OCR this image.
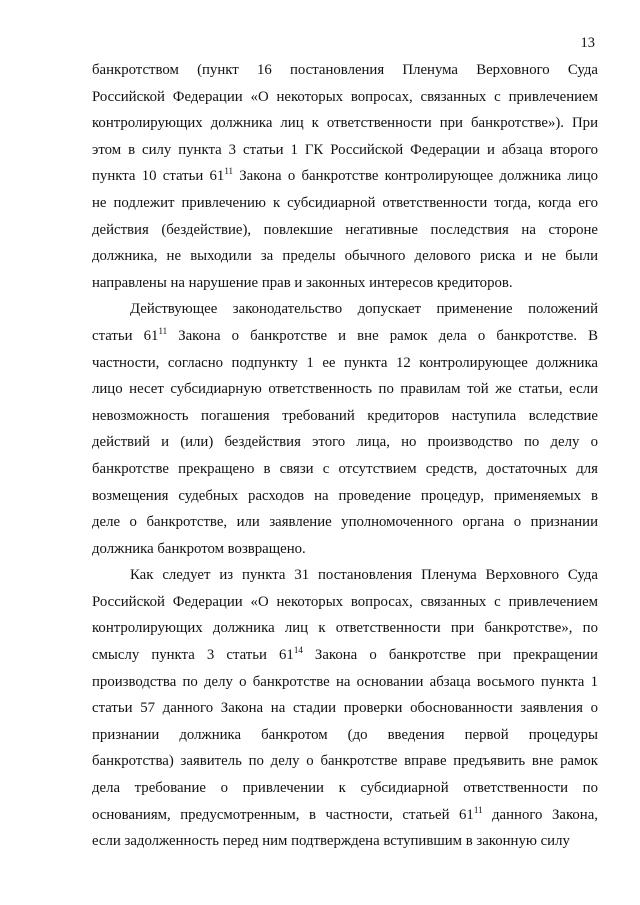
13
банкротством (пункт 16 постановления Пленума Верховного Суда
Российской Федерации «О некоторых вопросах, связанных с привлечением
контролирующих должника лиц к ответственности при банкротстве»). При
этом в силу пункта 3 статьи 1 ГК Российской Федерации и абзаца второго
пункта 10 статьи $61^{11}$ Закона о банкротстве контролирующее должника лицо
не подлежит привлечению к субсидиарной ответственности тогда, когда его
действия (бездействие), повлекшие негативные последствия на стороне
должника, не выходили за пределы обычного делового риска и не были
направлены на нарушение прав и законных интересов кредиторов.
Действующее законодательство допускает применение положений
статьи $61^{11}$ Закона о банкротстве и вне рамок дела о банкротстве. В
частности, согласно подпункту 1 ее пункта 12 контролирующее должника
лицо несет субсидиарную ответственность по правилам той же статьи, если
невозможность погашения требований кредиторов наступила вследствие
действий и (или) бездействия этого лица, но производство по делу о
банкротстве прекращено в связи с отсутствием средств, достаточных для
возмещения судебных расходов на проведение процедур, применяемых в
деле о банкротстве, или заявление уполномоченного органа о признании
должника банкротом возвращено.
Как следует из пункта 31 постановления Пленума Верховного Суда
Российской Федерации «О некоторых вопросах, связанных с привлечением
контролирующих должника лиц к ответственности при банкротстве», по
смыслу пункта 3 статьи $61^{14}$ Закона о банкротстве при прекращении
производства по делу о банкротстве на основании абзаца восьмого пункта 1
статьи 57 данного Закона на стадии проверки обоснованности заявления о
признании должника банкротом (до введения первой процедуры
банкротства) заявитель по делу о банкротстве вправе предъявить вне рамок
дела требование о привлечении к субсидиарной ответственности по
основаниям, предусмотренным, в частности, статьей $61^{11}$ данного Закона,
если задолженность перед ним подтверждена вступившим в законную силу
